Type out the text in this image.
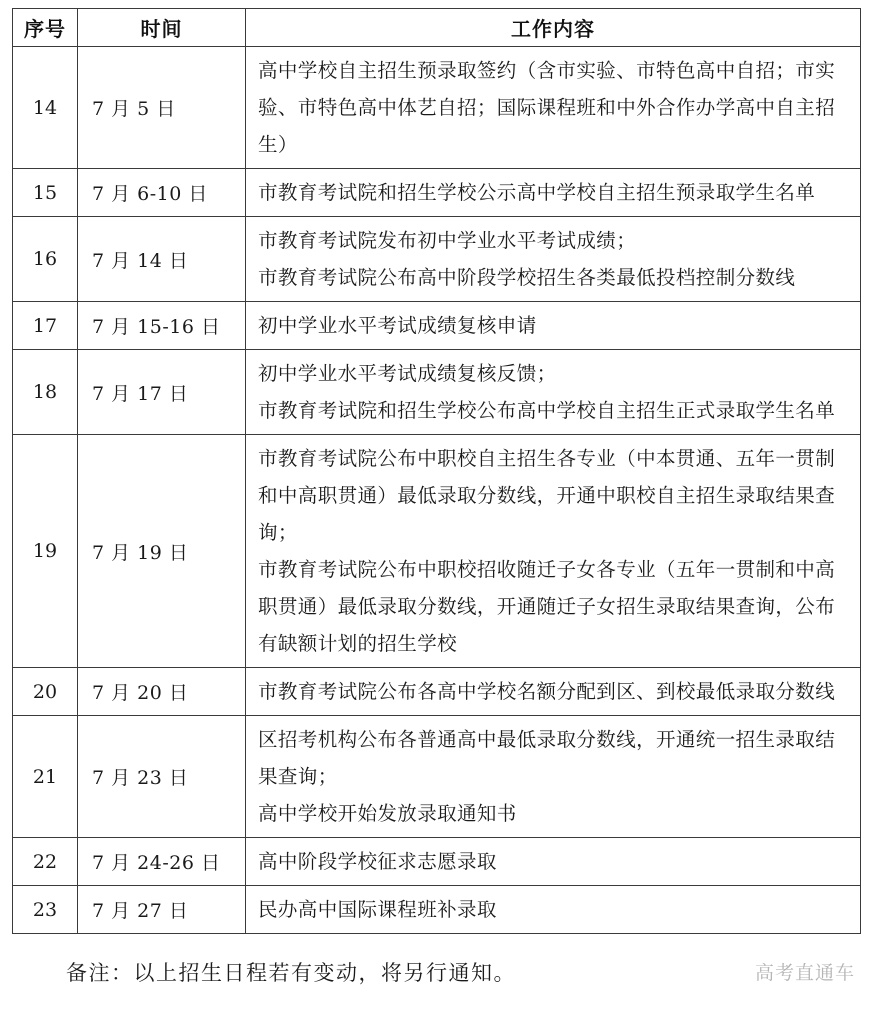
序号	时间	工作内容
14	7 月 5 日	高中学校自主招生预录取签约（含市实验、市特色高中自招；市实验、市特色高中体艺自招；国际课程班和中外合作办学高中自主招生）

15	7 月 6-10 日	市教育考试院和招生学校公示高中学校自主招生预录取学生名单

16	7 月 14 日	市教育考试院发布初中学业水平考试成绩；

市教育考试院公布高中阶段学校招生各类最低投档控制分数线

17	7 月 15-16 日	初中学业水平考试成绩复核申请

18	7 月 17 日	初中学业水平考试成绩复核反馈；

市教育考试院和招生学校公布高中学校自主招生正式录取学生名单

19	7 月 19 日	市教育考试院公布中职校自主招生各专业（中本贯通、五年一贯制和中高职贯通）最低录取分数线，开通中职校自主招生录取结果查询；

市教育考试院公布中职校招收随迁子女各专业（五年一贯制和中高职贯通）最低录取分数线，开通随迁子女招生录取结果查询，公布有缺额计划的招生学校

20	7 月 20 日	市教育考试院公布各高中学校名额分配到区、到校最低录取分数线

21	7 月 23 日	区招考机构公布各普通高中最低录取分数线，开通统一招生录取结果查询；

高中学校开始发放录取通知书

22	7 月 24-26 日	高中阶段学校征求志愿录取

23	7 月 27 日	民办高中国际课程班补录取

备注：以上招生日程若有变动，将另行通知。	高考直通车
